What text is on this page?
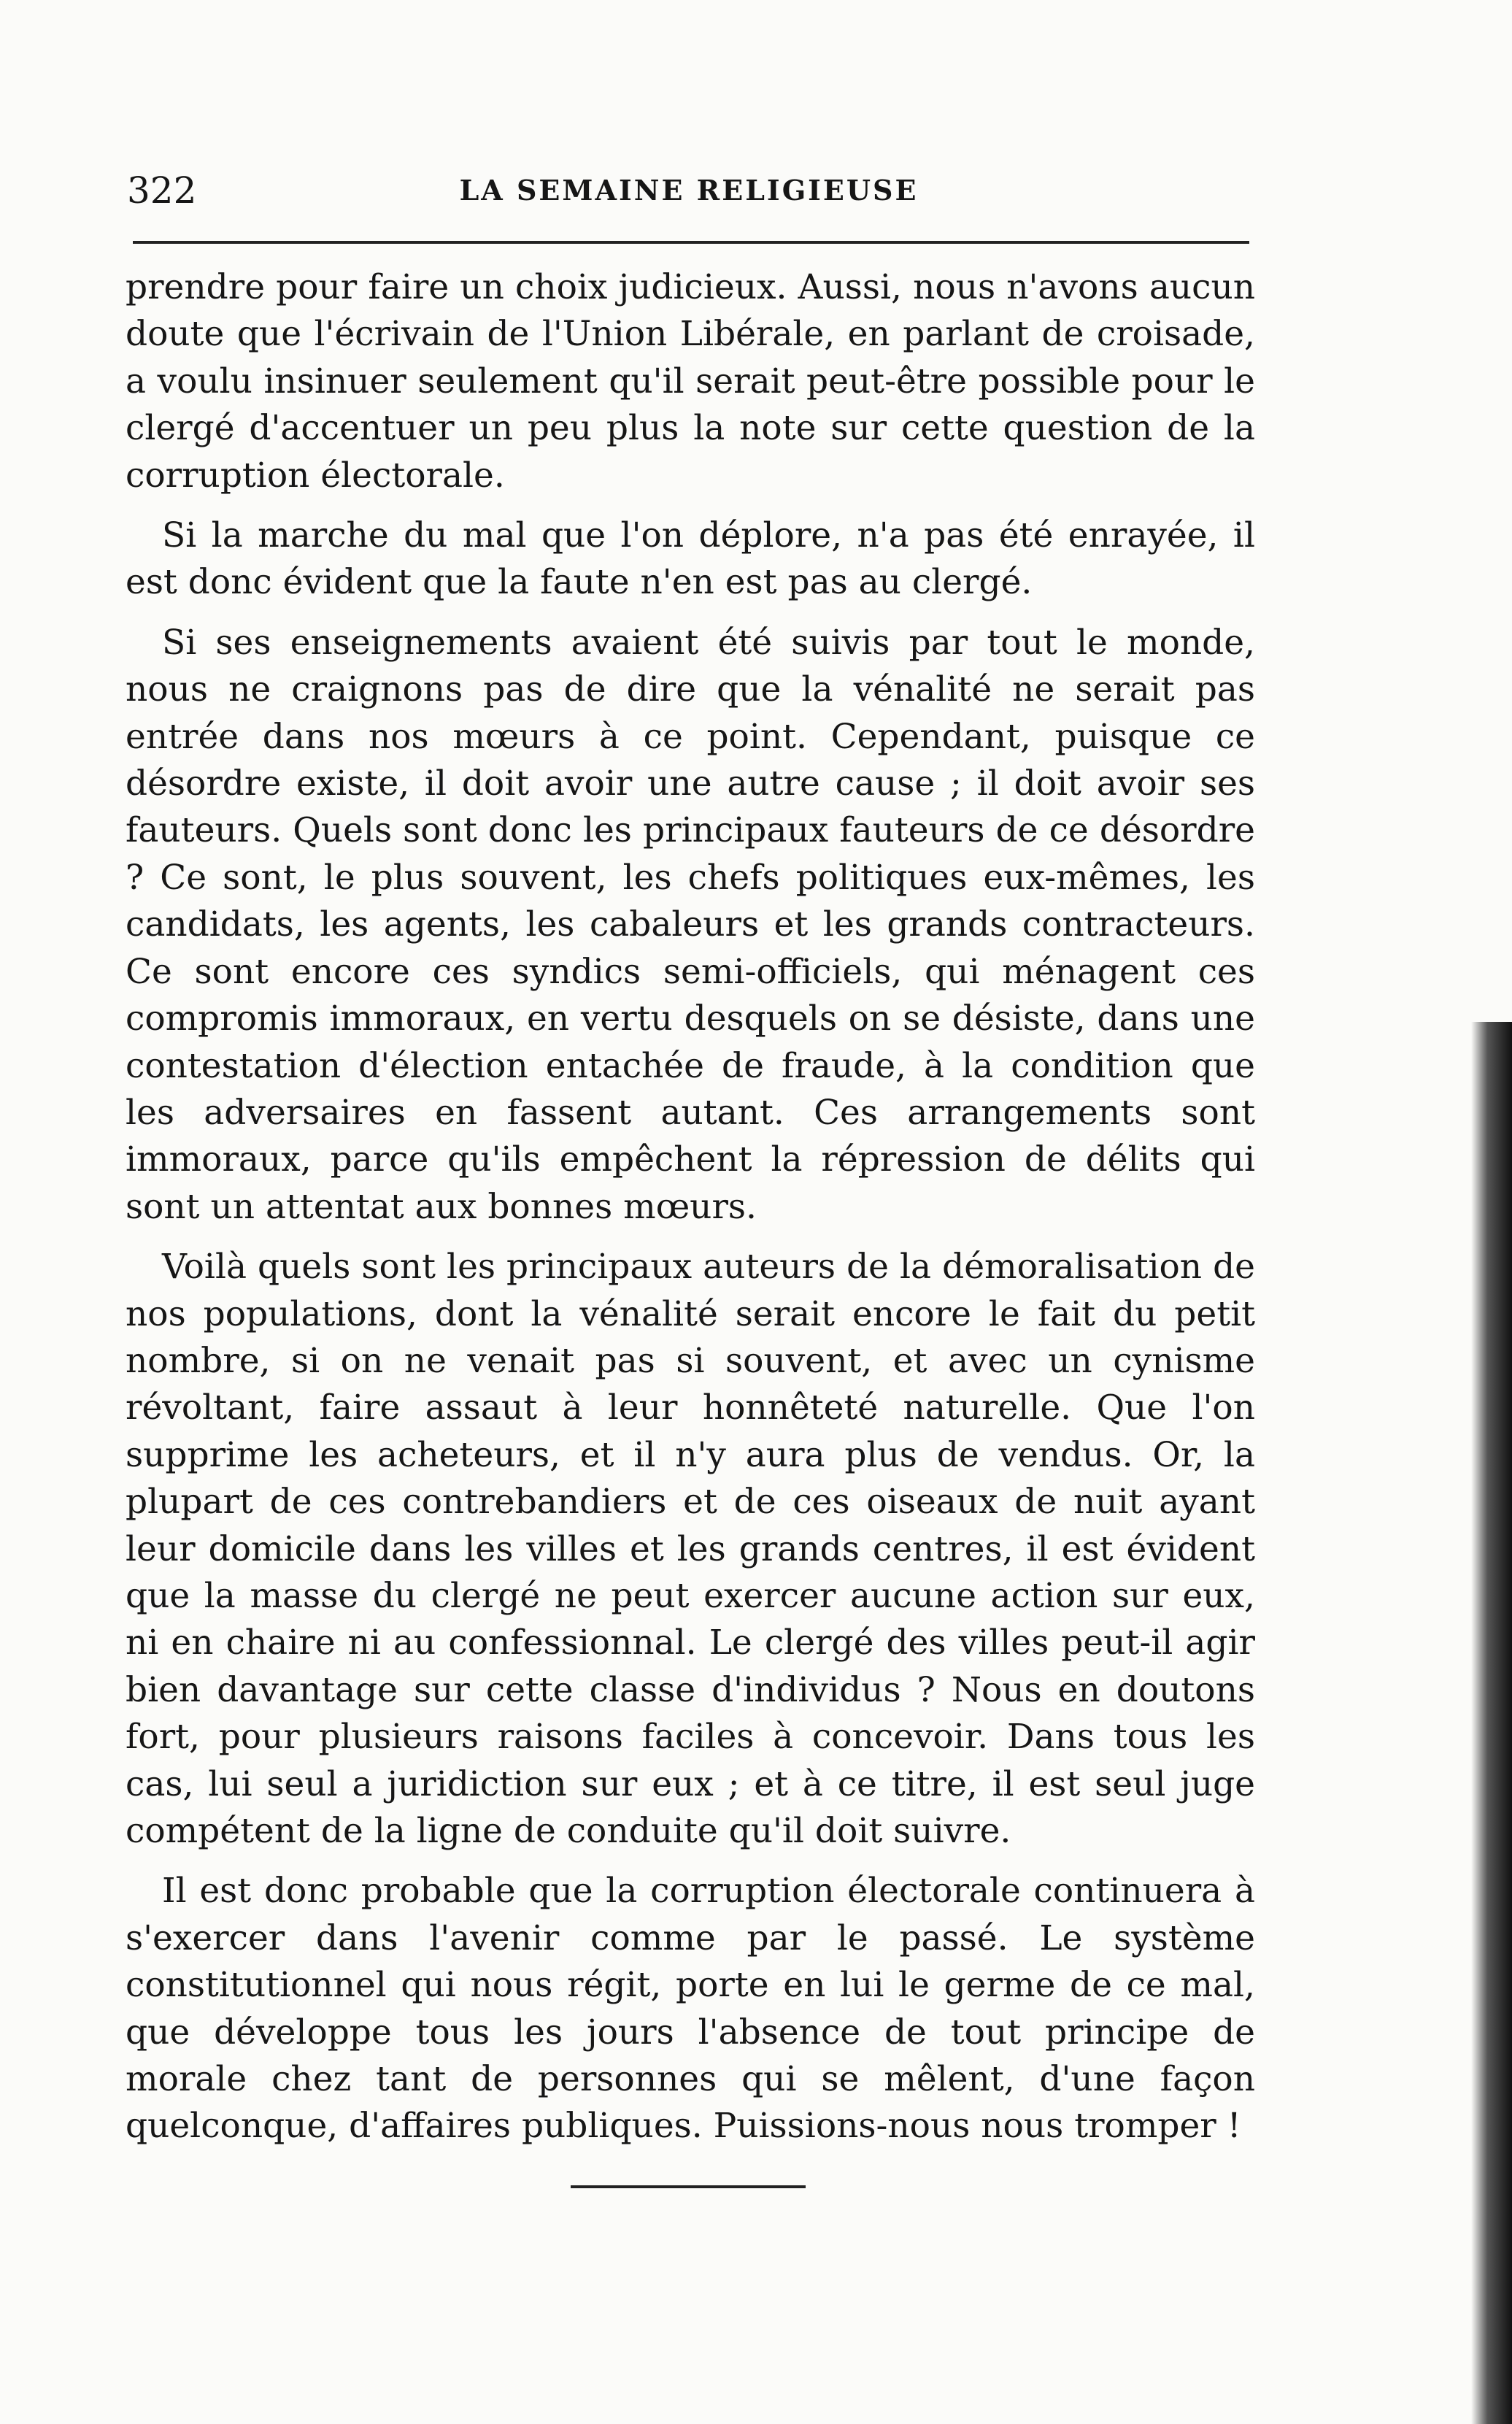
322	LA SEMAINE RELIGIEUSE

prendre pour faire un choix judicieux. Aussi, nous n'avons aucun doute que l'écrivain de l'Union Libérale, en parlant de croisade, a voulu insinuer seulement qu'il serait peut-être possible pour le clergé d'accentuer un peu plus la note sur cette question de la corruption électorale.

Si la marche du mal que l'on déplore, n'a pas été enrayée, il est donc évident que la faute n'en est pas au clergé.

Si ses enseignements avaient été suivis par tout le monde, nous ne craignons pas de dire que la vénalité ne serait pas entrée dans nos mœurs à ce point. Cependant, puisque ce désordre existe, il doit avoir une autre cause ; il doit avoir ses fauteurs. Quels sont donc les principaux fauteurs de ce désordre ? Ce sont, le plus souvent, les chefs politiques eux-mêmes, les candidats, les agents, les cabaleurs et les grands contracteurs. Ce sont encore ces syndics semi-officiels, qui ménagent ces compromis immoraux, en vertu desquels on se désiste, dans une contestation d'élection entachée de fraude, à la condition que les adversaires en fassent autant. Ces arrangements sont immoraux, parce qu'ils empêchent la répression de délits qui sont un attentat aux bonnes mœurs.

Voilà quels sont les principaux auteurs de la démoralisation de nos populations, dont la vénalité serait encore le fait du petit nombre, si on ne venait pas si souvent, et avec un cynisme révoltant, faire assaut à leur honnêteté naturelle. Que l'on supprime les acheteurs, et il n'y aura plus de vendus. Or, la plupart de ces contrebandiers et de ces oiseaux de nuit ayant leur domicile dans les villes et les grands centres, il est évident que la masse du clergé ne peut exercer aucune action sur eux, ni en chaire ni au confessionnal. Le clergé des villes peut-il agir bien davantage sur cette classe d'individus ? Nous en doutons fort, pour plusieurs raisons faciles à concevoir. Dans tous les cas, lui seul a juridiction sur eux ; et à ce titre, il est seul juge compétent de la ligne de conduite qu'il doit suivre.

Il est donc probable que la corruption électorale continuera à s'exercer dans l'avenir comme par le passé. Le système constitutionnel qui nous régit, porte en lui le germe de ce mal, que développe tous les jours l'absence de tout principe de morale chez tant de personnes qui se mêlent, d'une façon quelconque, d'affaires publiques. Puissions-nous nous tromper !
